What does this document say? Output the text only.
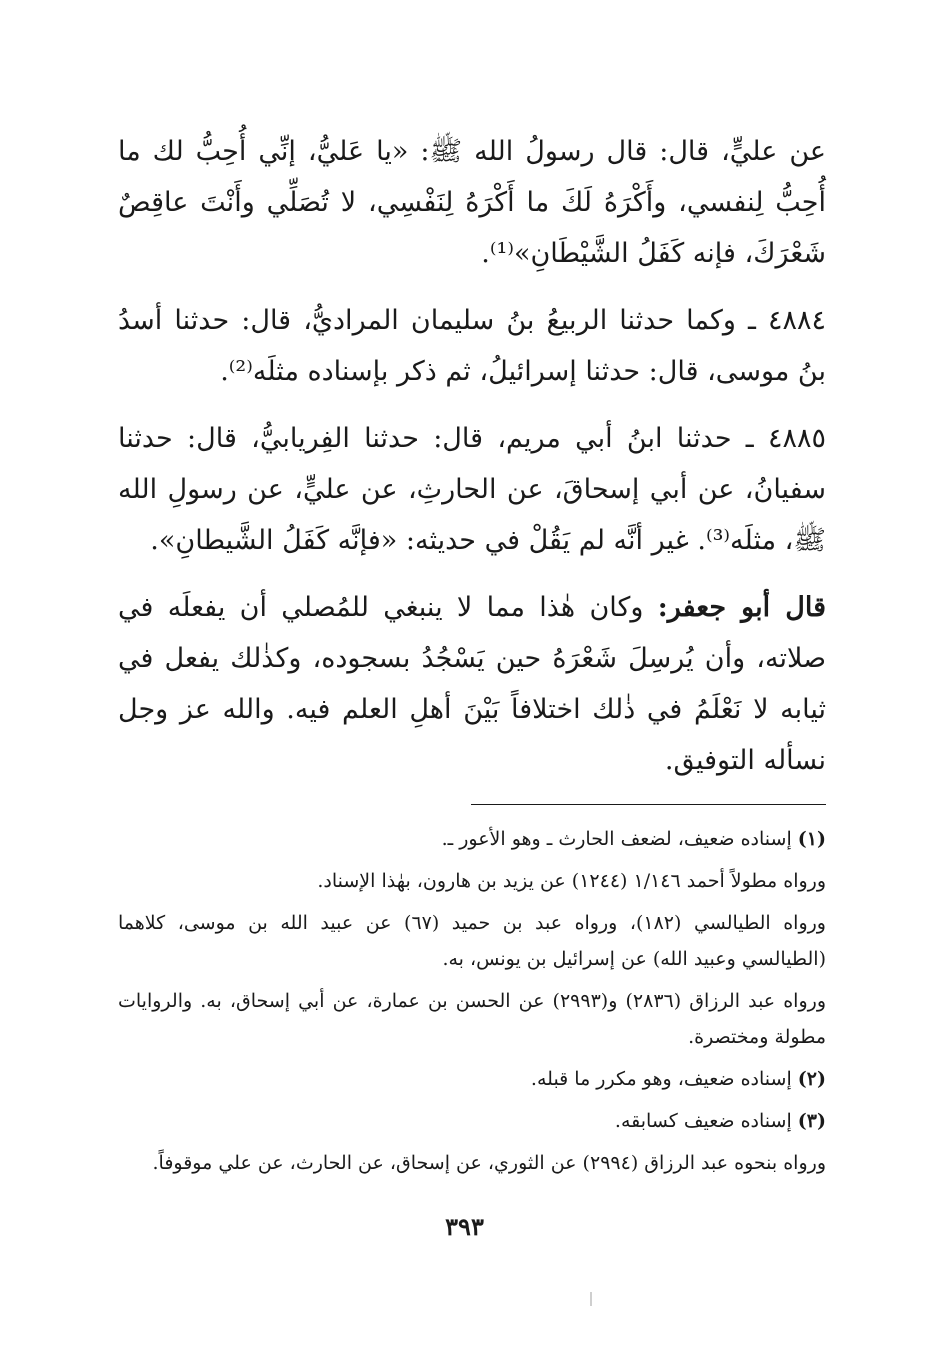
عن عليٍّ، قال: قال رسولُ الله ﷺ: «يا عَليُّ، إنِّي أُحِبُّ لك ما أُحِبُّ لِنفسي، وأَكْرَهُ لَكَ ما أَكْرَهُ لِنَفْسِي، لا تُصَلِّي وأَنْتَ عاقِصٌ شَعْرَكَ، فإنه كَفَلُ الشَّيْطَانِ»⁽¹⁾.

٤٨٨٤ ـ وكما حدثنا الربيعُ بنُ سليمان المراديُّ، قال: حدثنا أسدُ بنُ موسى، قال: حدثنا إسرائيلُ، ثم ذكر بإسناده مثلَه⁽²⁾.

٤٨٨٥ ـ حدثنا ابنُ أبي مريم، قال: حدثنا الفِريابيُّ، قال: حدثنا سفيانُ، عن أبي إسحاقَ، عن الحارثِ، عن عليٍّ، عن رسولِ الله ﷺ، مثلَه⁽³⁾. غير أنَّه لم يَقُلْ في حديثه: «فإنَّه كَفَلُ الشَّيطانِ».

قال أبو جعفر: وكان هٰذا مما لا ينبغي للمُصلي أن يفعلَه في صلاته، وأن يُرسِلَ شَعْرَهُ حين يَسْجُدُ بسجوده، وكذٰلك يفعل في ثيابه لا نَعْلَمُ في ذٰلك اختلافاً بَيْنَ أهلِ العلم فيه. والله عز وجل نسأله التوفيق.

(١) إسناده ضعيف، لضعف الحارث ـ وهو الأعور ـ.

ورواه مطولاً أحمد ١/١٤٦ (١٢٤٤) عن يزيد بن هارون، بهٰذا الإسناد.

ورواه الطيالسي (١٨٢)، ورواه عبد بن حميد (٦٧) عن عبيد الله بن موسى، كلاهما (الطيالسي وعبيد الله) عن إسرائيل بن يونس، به.

ورواه عبد الرزاق (٢٨٣٦) و(٢٩٩٣) عن الحسن بن عمارة، عن أبي إسحاق، به. والروايات مطولة ومختصرة.

(٢) إسناده ضعيف، وهو مكرر ما قبله.

(٣) إسناده ضعيف كسابقه.

ورواه بنحوه عبد الرزاق (٢٩٩٤) عن الثوري، عن إسحاق، عن الحارث، عن علي موقوفاً.

٣٩٣
